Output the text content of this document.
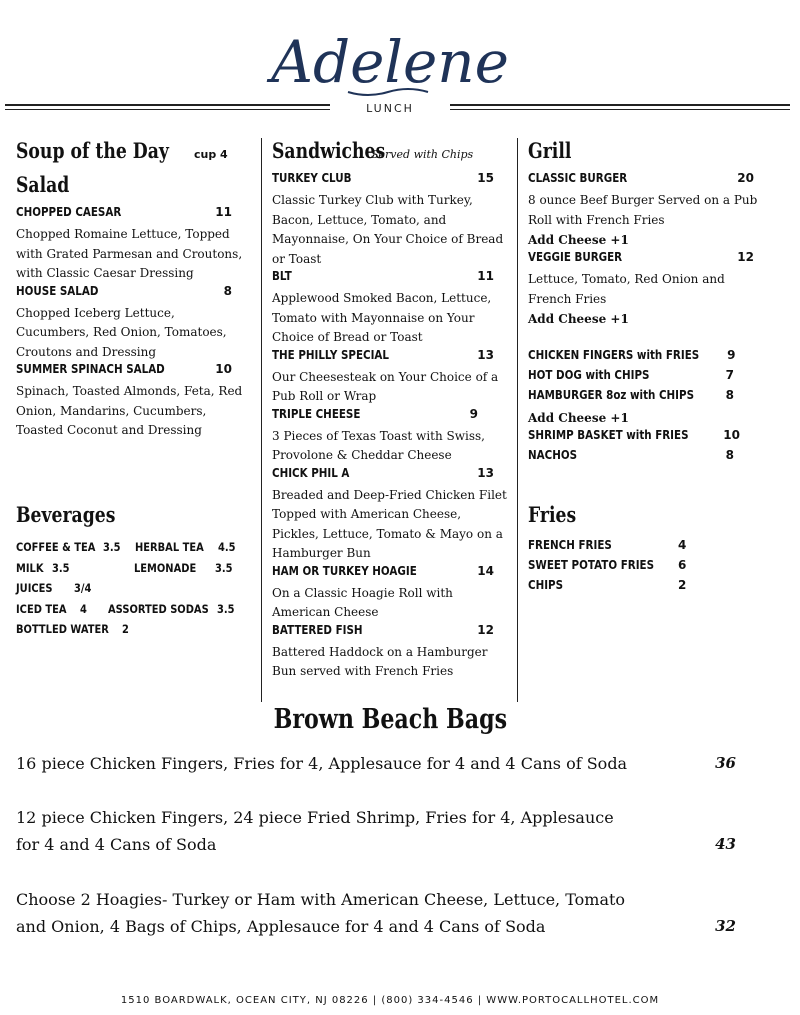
Adelene
LUNCH
Soup of the Day cup 4
Salad
CHOPPED CAESAR	11
Chopped Romaine Lettuce, Topped with Grated Parmesan and Croutons, with Classic Caesar Dressing
HOUSE SALAD	8
Chopped Iceberg Lettuce, Cucumbers, Red Onion, Tomatoes, Croutons and Dressing
SUMMER SPINACH SALAD	10
Spinach, Toasted Almonds, Feta, Red Onion, Mandarins, Cucumbers, Toasted Coconut and Dressing
Beverages
COFFEE & TEA 3.5 HERBAL TEA 4.5
MILK 3.5	LEMONADE 3.5
JUICES 3/4
ICED TEA 4 ASSORTED SODAS 3.5
BOTTLED WATER 2
Sandwiches
Served with Chips
TURKEY CLUB	15
Classic Turkey Club with Turkey, Bacon, Lettuce, Tomato, and Mayonnaise, On Your Choice of Bread or Toast
BLT	11
Applewood Smoked Bacon, Lettuce, Tomato with Mayonnaise on Your Choice of Bread or Toast
THE PHILLY SPECIAL	13
Our Cheesesteak on Your Choice of a Pub Roll or Wrap
TRIPLE CHEESE	9
3 Pieces of Texas Toast with Swiss, Provolone & Cheddar Cheese
CHICK PHIL A	13
Breaded and Deep-Fried Chicken Filet Topped with American Cheese, Pickles, Lettuce, Tomato & Mayo on a Hamburger Bun
HAM OR TURKEY HOAGIE	14
On a Classic Hoagie Roll with American Cheese
BATTERED FISH	12
Battered Haddock on a Hamburger Bun served with French Fries
Grill
CLASSIC BURGER	20
8 ounce Beef Burger Served on a Pub Roll with French Fries
Add Cheese +1
VEGGIE BURGER	12
Lettuce, Tomato, Red Onion and French Fries
Add Cheese +1
CHICKEN FINGERS with FRIES 9
HOT DOG with CHIPS	7
HAMBURGER 8oz with CHIPS	8
Add Cheese +1
SHRIMP BASKET with FRIES	10
NACHOS	8
Fries
FRENCH FRIES	4
SWEET POTATO FRIES 6
CHIPS	2
Brown Beach Bags
16 piece Chicken Fingers, Fries for 4, Applesauce for 4 and 4 Cans of Soda	36
12 piece Chicken Fingers, 24 piece Fried Shrimp, Fries for 4, Applesauce for 4 and 4 Cans of Soda	43
Choose 2 Hoagies- Turkey or Ham with American Cheese, Lettuce, Tomato and Onion, 4 Bags of Chips, Applesauce for 4 and 4 Cans of Soda	32
1510 BOARDWALK, OCEAN CITY, NJ 08226 | (800) 334-4546 | WWW.PORTOCALLHOTEL.COM
